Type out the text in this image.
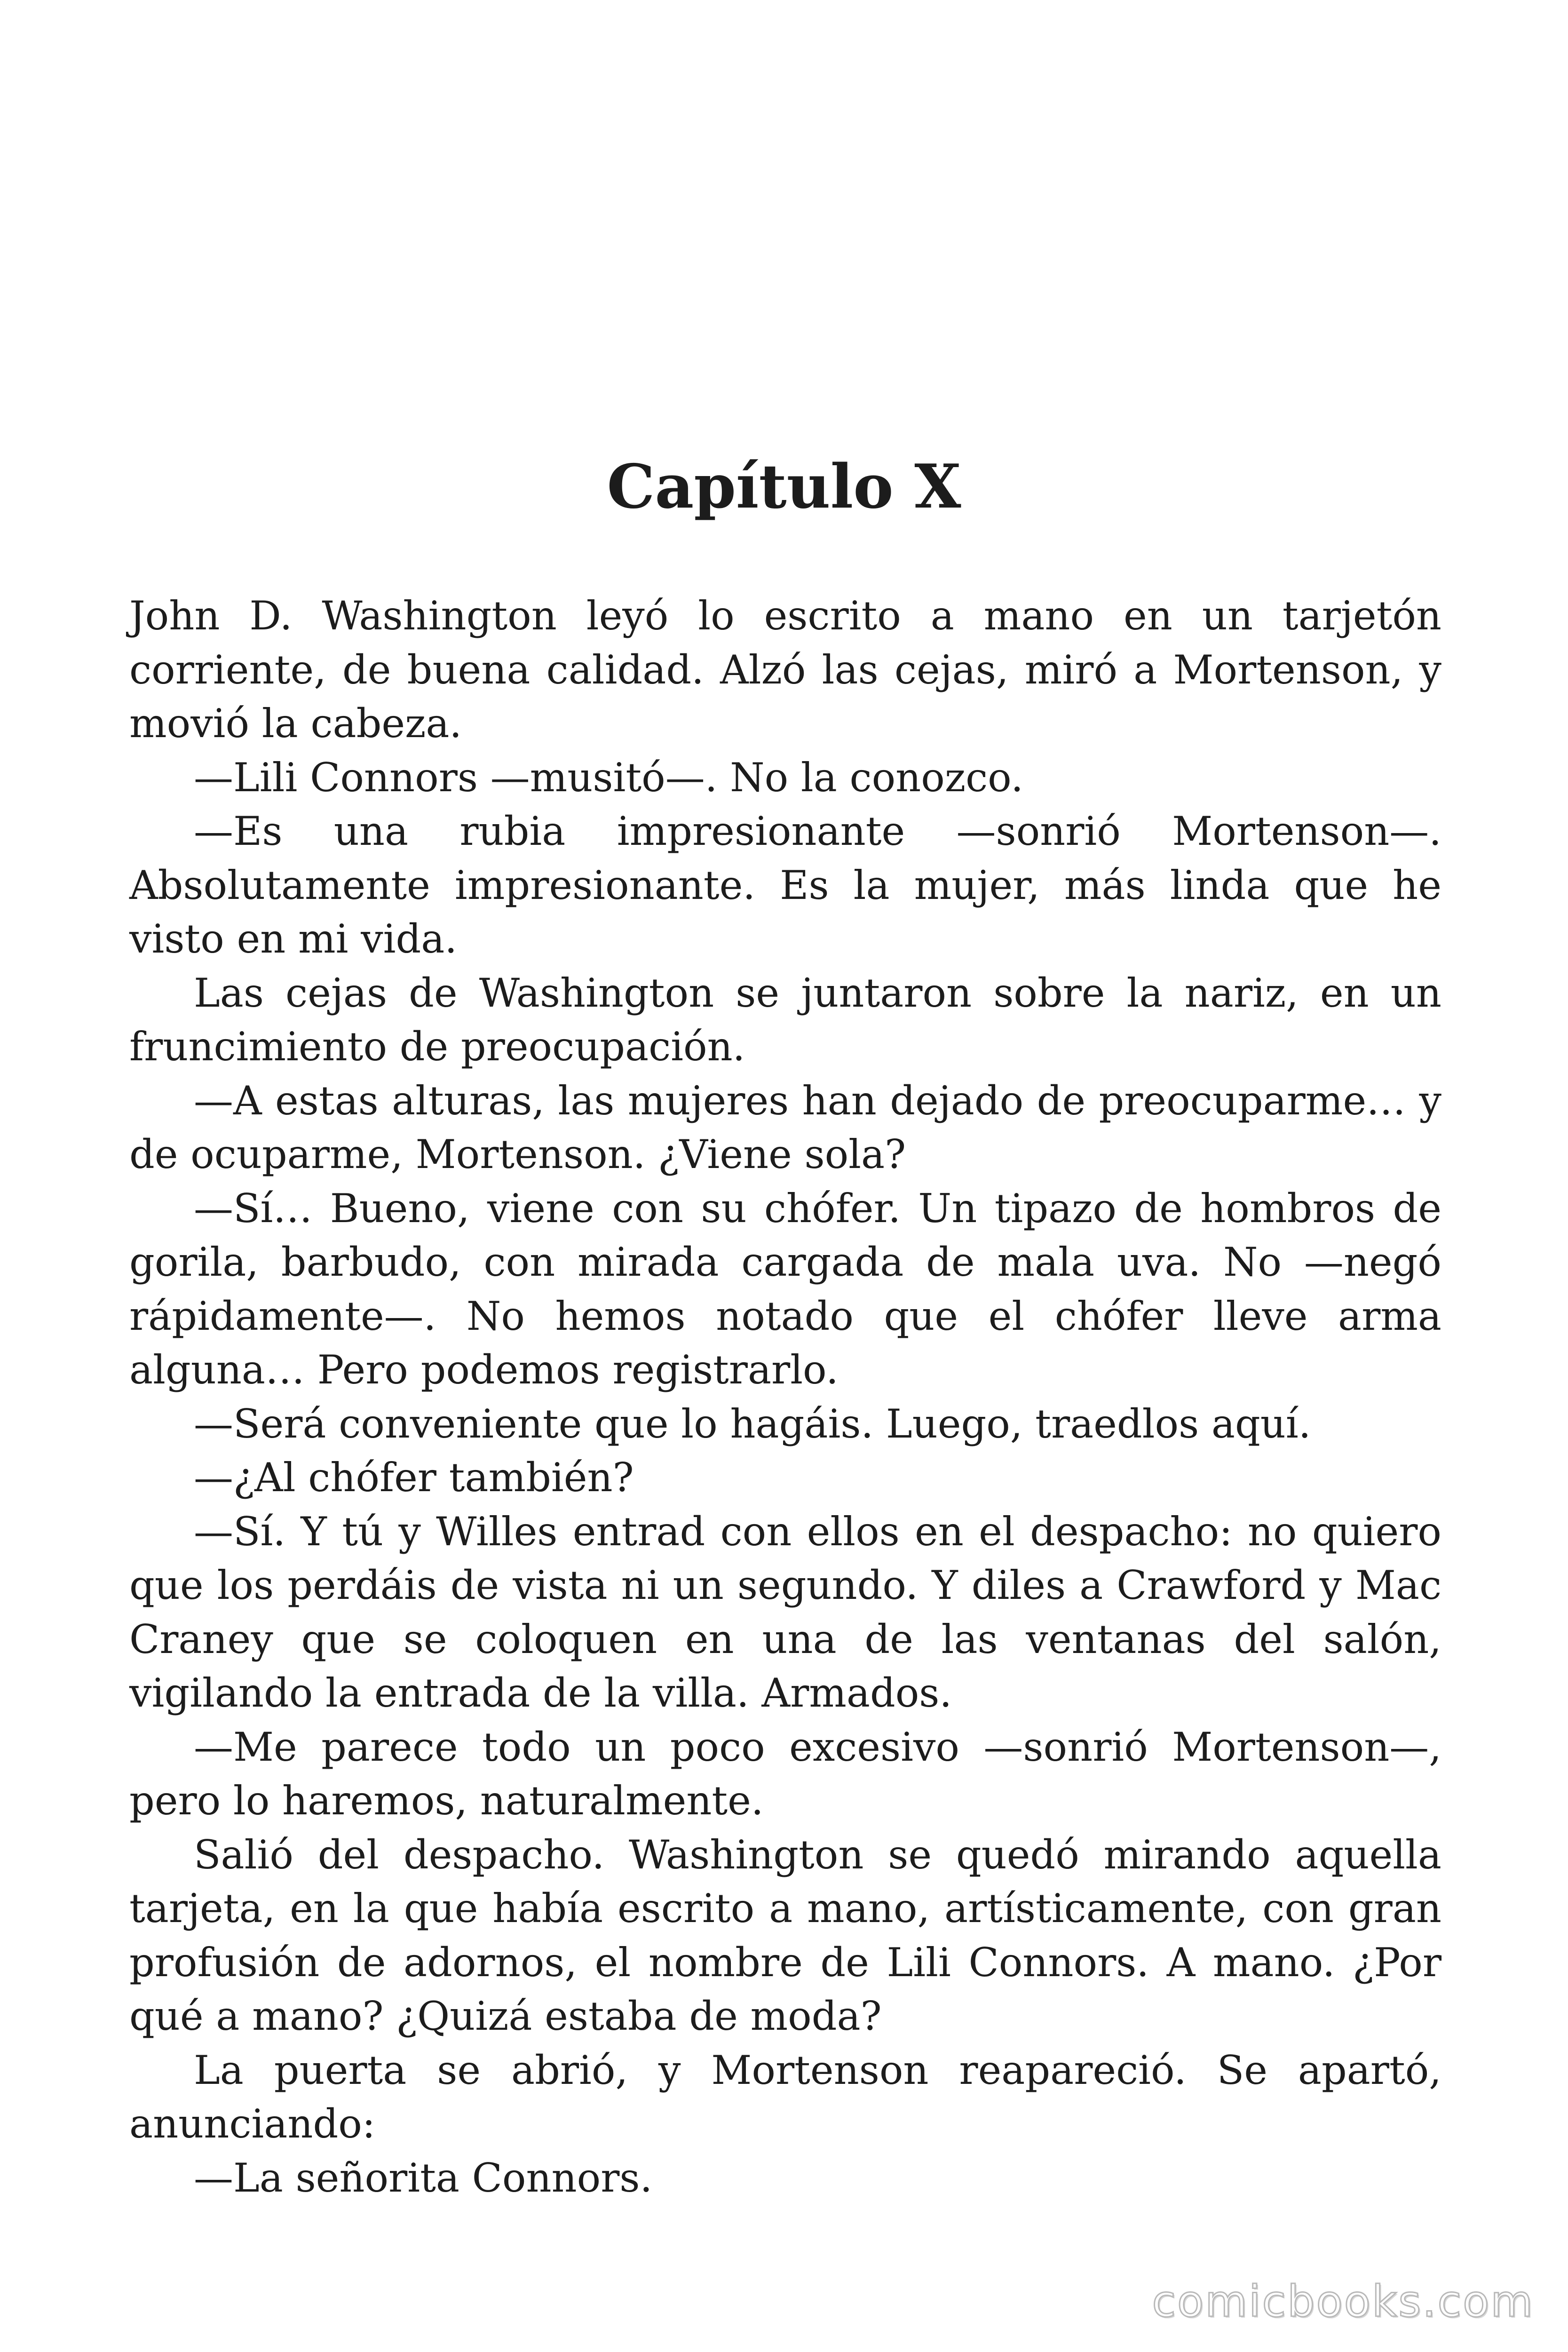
Capítulo X

John D. Washington leyó lo escrito a mano en un tarjetón corriente, de buena calidad. Alzó las cejas, miró a Mortenson, y movió la cabeza.

—Lili Connors —musitó—. No la conozco.

—Es una rubia impresionante —sonrió Mortenson—. Absolutamente impresionante. Es la mujer, más linda que he visto en mi vida.

Las cejas de Washington se juntaron sobre la nariz, en un fruncimiento de preocupación.

—A estas alturas, las mujeres han dejado de preocuparme… y de ocuparme, Mortenson. ¿Viene sola?

—Sí… Bueno, viene con su chófer. Un tipazo de hombros de gorila, barbudo, con mirada cargada de mala uva. No —negó rápidamente—. No hemos notado que el chófer lleve arma alguna… Pero podemos registrarlo.

—Será conveniente que lo hagáis. Luego, traedlos aquí.

—¿Al chófer también?

—Sí. Y tú y Willes entrad con ellos en el despacho: no quiero que los perdáis de vista ni un segundo. Y diles a Crawford y Mac Craney que se coloquen en una de las ventanas del salón, vigilando la entrada de la villa. Armados.

—Me parece todo un poco excesivo —sonrió Mortenson—, pero lo haremos, naturalmente.

Salió del despacho. Washington se quedó mirando aquella tarjeta, en la que había escrito a mano, artísticamente, con gran profusión de adornos, el nombre de Lili Connors. A mano. ¿Por qué a mano? ¿Quizá estaba de moda?

La puerta se abrió, y Mortenson reapareció. Se apartó, anunciando:

—La señorita Connors.

comicbooks.com
